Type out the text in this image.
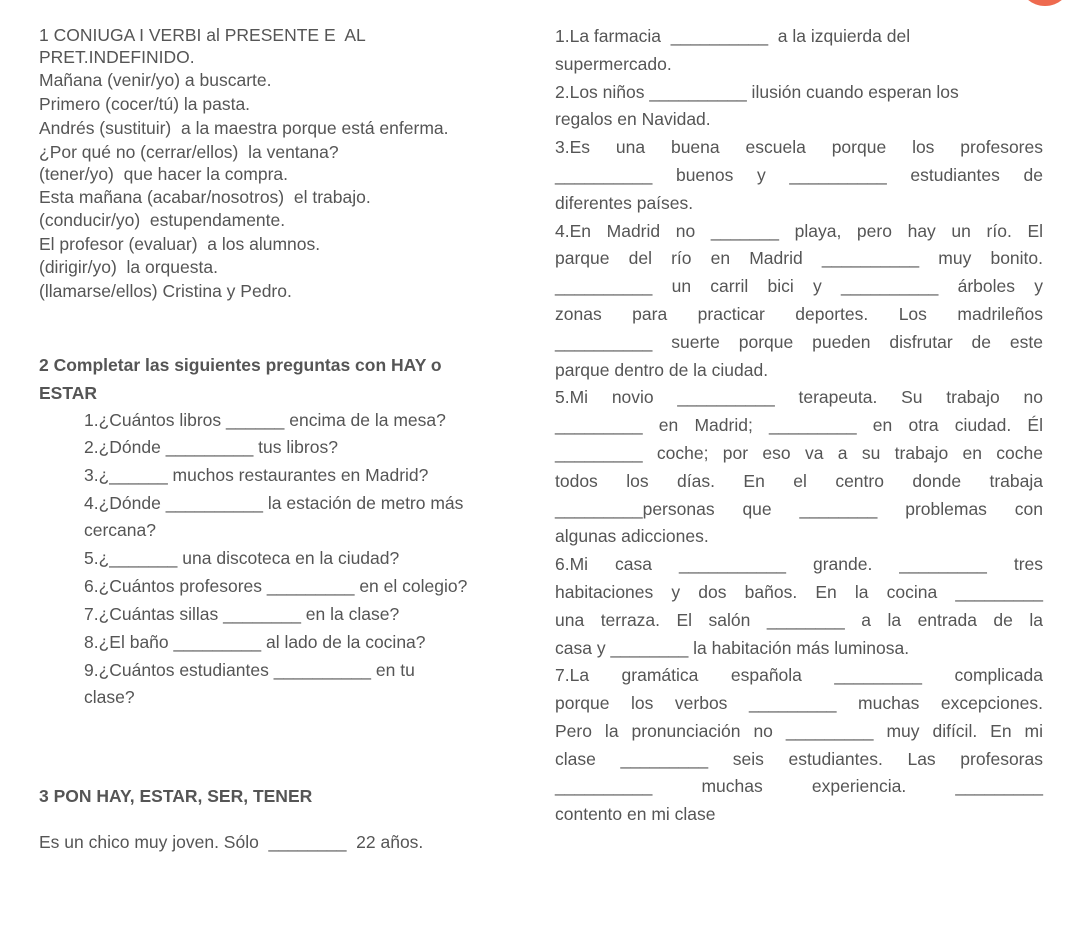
1 CONIUGA I VERBI al PRESENTE E  AL
PRET.INDEFINIDO.
Mañana (venir/yo) a buscarte.
Primero (cocer/tú) la pasta.
Andrés (sustituir)  a la maestra porque está enferma.
¿Por qué no (cerrar/ellos)  la ventana?
(tener/yo)  que hacer la compra.
Esta mañana (acabar/nosotros)  el trabajo.
(conducir/yo)  estupendamente.
El profesor (evaluar)  a los alumnos.
(dirigir/yo)  la orquesta.
(llamarse/ellos) Cristina y Pedro.
2 Completar las siguientes preguntas con HAY o
ESTAR
1.¿Cuántos libros ______ encima de la mesa?
2.¿Dónde _________ tus libros?
3.¿______ muchos restaurantes en Madrid?
4.¿Dónde __________ la estación de metro más
cercana?
5.¿_______ una discoteca en la ciudad?
6.¿Cuántos profesores _________ en el colegio?
7.¿Cuántas sillas ________ en la clase?
8.¿El baño _________ al lado de la cocina?
9.¿Cuántos estudiantes __________ en tu
clase?
3 PON HAY, ESTAR, SER, TENER
Es un chico muy joven. Sólo  ________  22 años.
1.La farmacia  __________  a la izquierda del
supermercado.
2.Los niños __________ ilusión cuando esperan los
regalos en Navidad.
3.Es una buena escuela porque los profesores
__________ buenos y __________ estudiantes de
diferentes países.
4.En Madrid no _______ playa, pero hay un río. El
parque del río en Madrid __________ muy bonito.
__________ un carril bici y __________ árboles y
zonas para practicar deportes. Los madrileños
__________ suerte porque pueden disfrutar de este
parque dentro de la ciudad.
5.Mi novio __________ terapeuta. Su trabajo no
_________ en Madrid; _________ en otra ciudad. Él
_________ coche; por eso va a su trabajo en coche
todos los días. En el centro donde trabaja
_________personas que ________ problemas con
algunas adicciones.
6.Mi casa ___________ grande. _________ tres
habitaciones y dos baños. En la cocina _________
una terraza. El salón ________ a la entrada de la
casa y ________ la habitación más luminosa.
7.La gramática española _________ complicada
porque los verbos _________ muchas excepciones.
Pero la pronunciación no _________ muy difícil. En mi
clase _________ seis estudiantes. Las profesoras
__________ muchas experiencia. _________
contento en mi clase
